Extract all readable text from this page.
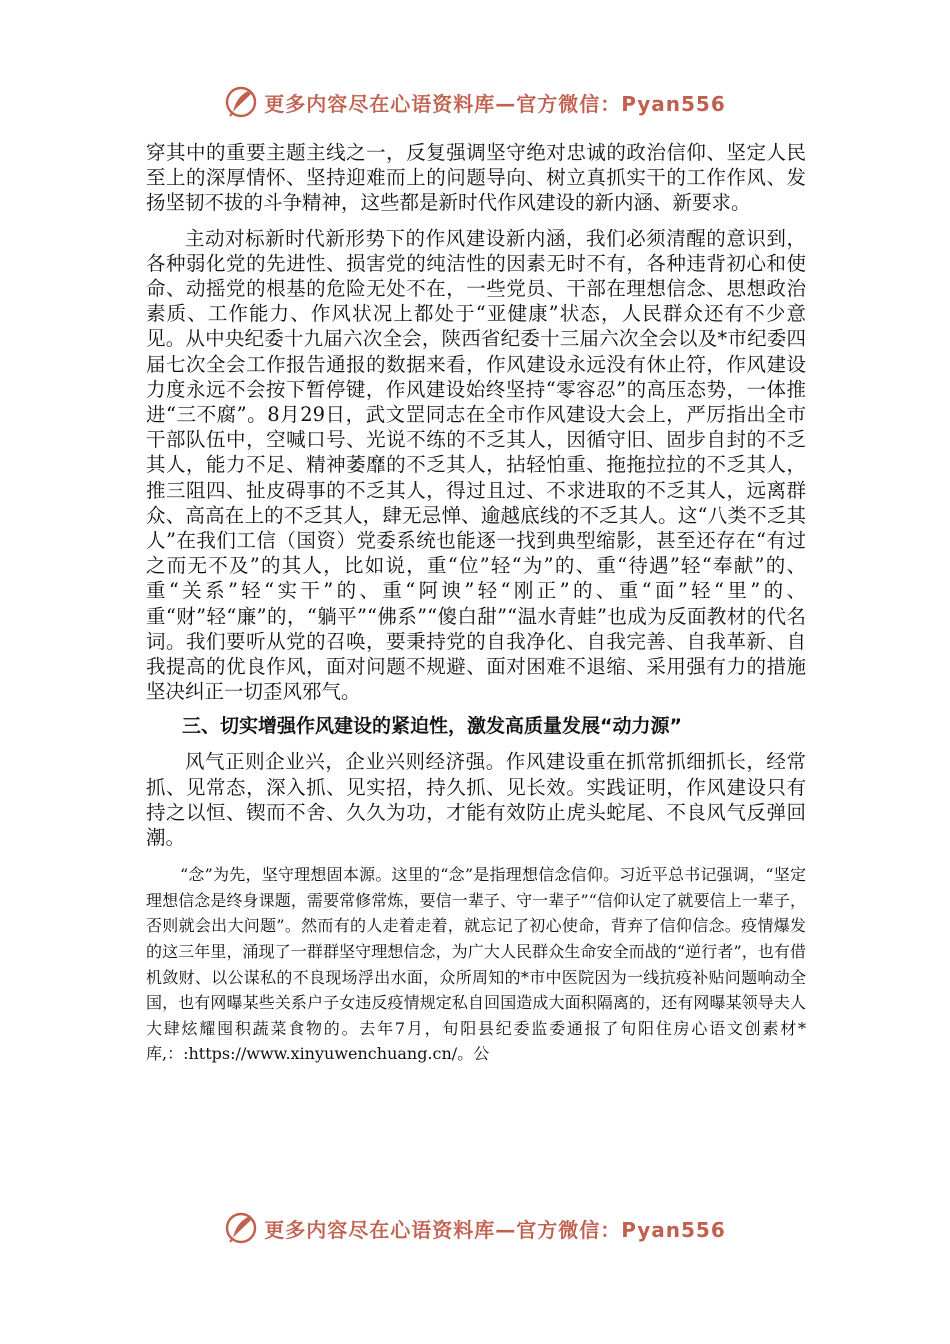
更多内容尽在心语资料库—官方微信：Pyan556

穿其中的重要主题主线之一，反复强调坚守绝对忠诚的政治信仰、坚定人民至上的深厚情怀、坚持迎难而上的问题导向、树立真抓实干的工作作风、发扬坚韧不拔的斗争精神，这些都是新时代作风建设的新内涵、新要求。

主动对标新时代新形势下的作风建设新内涵，我们必须清醒的意识到，各种弱化党的先进性、损害党的纯洁性的因素无时不有，各种违背初心和使命、动摇党的根基的危险无处不在，一些党员、干部在理想信念、思想政治素质、工作能力、作风状况上都处于“亚健康”状态，人民群众还有不少意见。从中央纪委十九届六次全会，陕西省纪委十三届六次全会以及*市纪委四届七次全会工作报告通报的数据来看，作风建设永远没有休止符，作风建设力度永远不会按下暂停键，作风建设始终坚持“零容忍”的高压态势，一体推进“三不腐”。8月29日，武文罡同志在全市作风建设大会上，严厉指出全市干部队伍中，空喊口号、光说不练的不乏其人，因循守旧、固步自封的不乏其人，能力不足、精神萎靡的不乏其人，拈轻怕重、拖拖拉拉的不乏其人，推三阻四、扯皮碍事的不乏其人，得过且过、不求进取的不乏其人，远离群众、高高在上的不乏其人，肆无忌惮、逾越底线的不乏其人。这“八类不乏其人”在我们工信（国资）党委系统也能逐一找到典型缩影，甚至还存在“有过之而无不及”的其人，比如说，重“位”轻“为”的、重“待遇”轻“奉献”的、重“关系”轻“实干”的、重“阿谀”轻“刚正”的、重“面”轻“里”的、重“财”轻“廉”的，“躺平”“佛系”“傻白甜”“温水青蛙”也成为反面教材的代名词。我们要听从党的召唤，要秉持党的自我净化、自我完善、自我革新、自我提高的优良作风，面对问题不规避、面对困难不退缩、采用强有力的措施坚决纠正一切歪风邪气。

三、切实增强作风建设的紧迫性，激发高质量发展“动力源”

风气正则企业兴，企业兴则经济强。作风建设重在抓常抓细抓长，经常抓、见常态，深入抓、见实招，持久抓、见长效。实践证明，作风建设只有持之以恒、锲而不舍、久久为功，才能有效防止虎头蛇尾、不良风气反弹回潮。

“念”为先，坚守理想固本源。这里的“念”是指理想信念信仰。习近平总书记强调，“坚定理想信念是终身课题，需要常修常炼，要信一辈子、守一辈子”“信仰认定了就要信上一辈子，否则就会出大问题”。然而有的人走着走着，就忘记了初心使命，背弃了信仰信念。疫情爆发的这三年里，涌现了一群群坚守理想信念，为广大人民群众生命安全而战的“逆行者”，也有借机敛财、以公谋私的不良现场浮出水面，众所周知的*市中医院因为一线抗疫补贴问题响动全国，也有网曝某些关系户子女违反疫情规定私自回国造成大面积隔离的，还有网曝某领导夫人大肆炫耀囤积蔬菜食物的。去年7月，旬阳县纪委监委通报了旬阳住房心语文创素材*库,：:https://www.xinyuwenchuang.cn/。公

更多内容尽在心语资料库—官方微信：Pyan556
